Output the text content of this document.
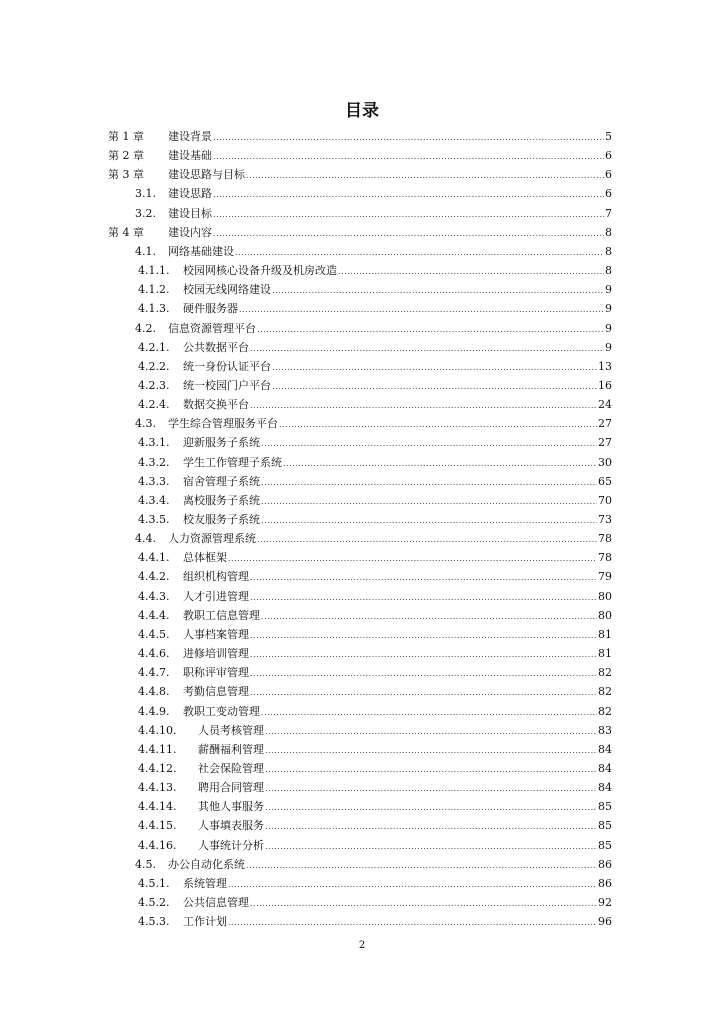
目录
第 1 章 建设背景 .....	5
第 2 章 建设基础 .....	6
第 3 章 建设思路与目标 .....	6
3.1. 建设思路 .....	6
3.2. 建设目标 .....	7
第 4 章 建设内容 .....	8
4.1. 网络基础建设 .....	8
4.1.1. 校园网核心设备升级及机房改造 .....	8
4.1.2. 校园无线网络建设 .....	9
4.1.3. 硬件服务器 .....	9
4.2. 信息资源管理平台 .....	9
4.2.1. 公共数据平台 .....	9
4.2.2. 统一身份认证平台 .....	13
4.2.3. 统一校园门户平台 .....	16
4.2.4. 数据交换平台 .....	24
4.3. 学生综合管理服务平台 .....	27
4.3.1. 迎新服务子系统 .....	27
4.3.2. 学生工作管理子系统 .....	30
4.3.3. 宿舍管理子系统 .....	65
4.3.4. 离校服务子系统 .....	70
4.3.5. 校友服务子系统 .....	73
4.4. 人力资源管理系统 .....	78
4.4.1. 总体框架 .....	78
4.4.2. 组织机构管理 .....	79
4.4.3. 人才引进管理 .....	80
4.4.4. 教职工信息管理 .....	80
4.4.5. 人事档案管理 .....	81
4.4.6. 进修培训管理 .....	81
4.4.7. 职称评审管理 .....	82
4.4.8. 考勤信息管理 .....	82
4.4.9. 教职工变动管理 .....	82
4.4.10. 人员考核管理 .....	83
4.4.11. 薪酬福利管理 .....	84
4.4.12. 社会保险管理 .....	84
4.4.13. 聘用合同管理 .....	84
4.4.14. 其他人事服务 .....	85
4.4.15. 人事填表服务 .....	85
4.4.16. 人事统计分析 .....	85
4.5. 办公自动化系统 .....	86
4.5.1. 系统管理 .....	86
4.5.2. 公共信息管理 .....	92
4.5.3. 工作计划 .....	96
2
